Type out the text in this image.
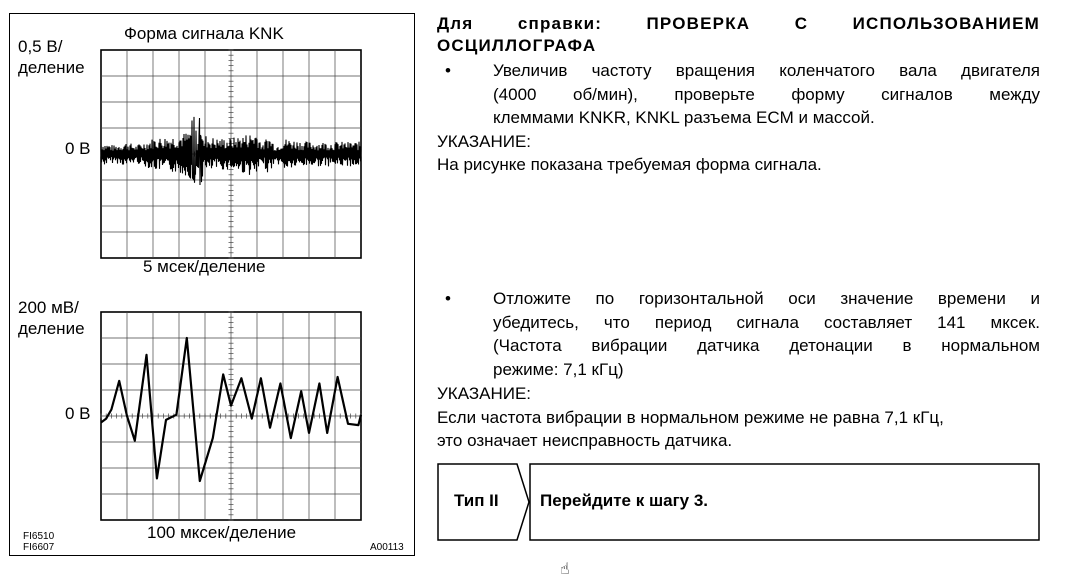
Форма сигнала KNK
0,5 В/
деление
0 В
5 мсек/деление
200 мВ/
деление
0 В
100 мксек/деление
FI6510
FI6607	A00113
Для справки: ПРОВЕРКА С ИСПОЛЬЗОВАНИЕМ
ОСЦИЛЛОГРАФА
• Увеличив частоту вращения коленчатого вала двигателя
(4000 об/мин), проверьте форму сигналов между
клеммами KNKR, KNKL разъема ECM и массой.
УКАЗАНИЕ:
На рисунке показана требуемая форма сигнала.
• Отложите по горизонтальной оси значение времени и
убедитесь, что период сигнала составляет 141 мксек.
(Частота вибрации датчика детонации в нормальном
режиме: 7,1 кГц)
УКАЗАНИЕ:
Если частота вибрации в нормальном режиме не равна 7,1 кГц,
это означает неисправность датчика.
Тип II Перейдите к шагу 3.
☝
